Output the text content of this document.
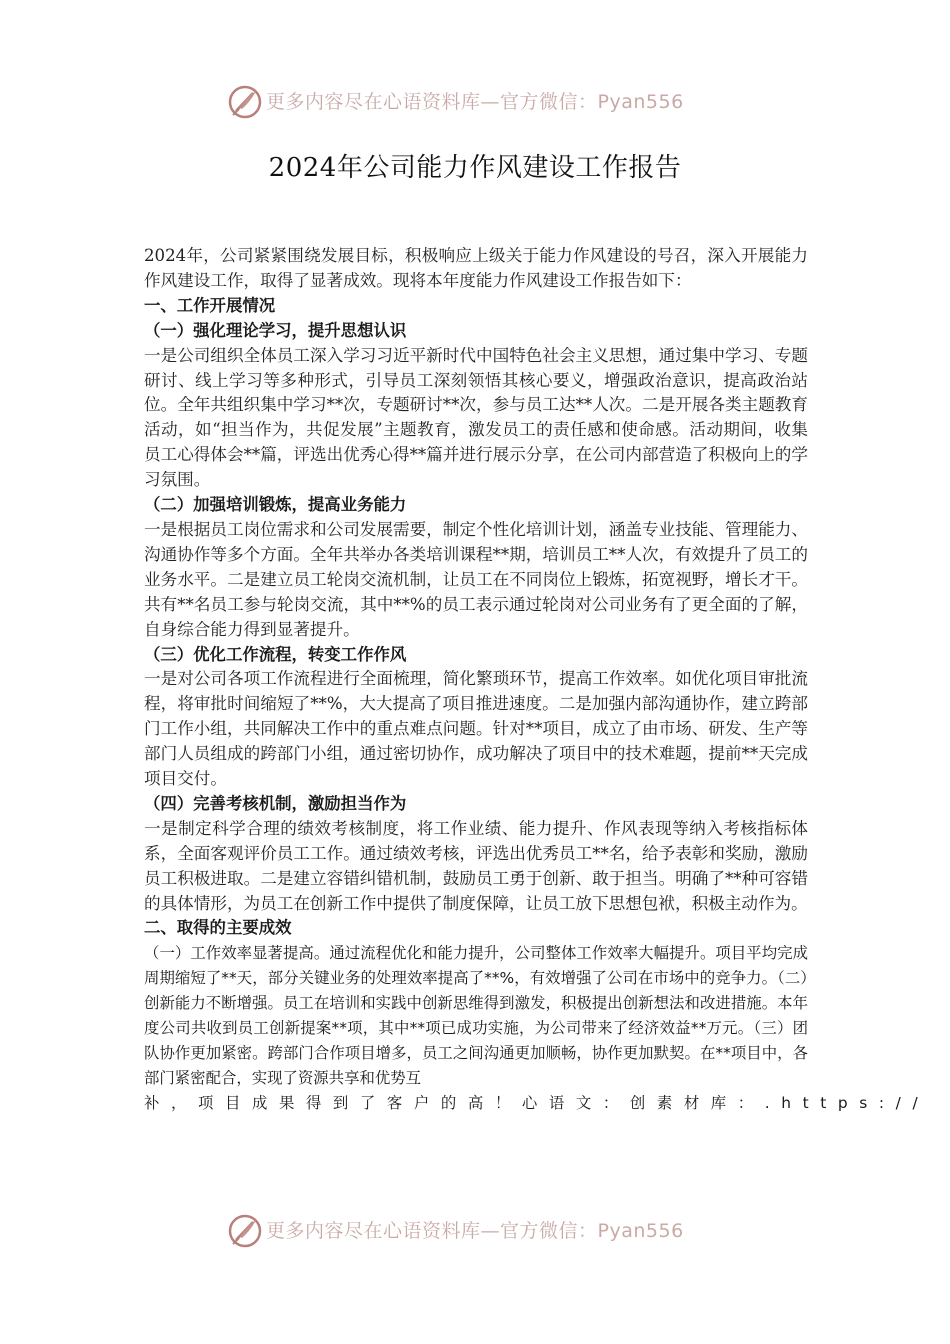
更多内容尽在心语资料库—官方微信：Pyan556
2024年公司能力作风建设工作报告
2024年，公司紧紧围绕发展目标，积极响应上级关于能力作风建设的号召，深入开展能力作风建设工作，取得了显著成效。现将本年度能力作风建设工作报告如下：
一、工作开展情况
（一）强化理论学习，提升思想认识
一是公司组织全体员工深入学习习近平新时代中国特色社会主义思想，通过集中学习、专题研讨、线上学习等多种形式，引导员工深刻领悟其核心要义，增强政治意识，提高政治站位。全年共组织集中学习**次，专题研讨**次，参与员工达**人次。二是开展各类主题教育活动，如“担当作为，共促发展”主题教育，激发员工的责任感和使命感。活动期间，收集员工心得体会**篇，评选出优秀心得**篇并进行展示分享，在公司内部营造了积极向上的学习氛围。
（二）加强培训锻炼，提高业务能力
一是根据员工岗位需求和公司发展需要，制定个性化培训计划，涵盖专业技能、管理能力、沟通协作等多个方面。全年共举办各类培训课程**期，培训员工**人次，有效提升了员工的业务水平。二是建立员工轮岗交流机制，让员工在不同岗位上锻炼，拓宽视野，增长才干。共有**名员工参与轮岗交流，其中**%的员工表示通过轮岗对公司业务有了更全面的了解，自身综合能力得到显著提升。
（三）优化工作流程，转变工作作风
一是对公司各项工作流程进行全面梳理，简化繁琐环节，提高工作效率。如优化项目审批流程，将审批时间缩短了**%，大大提高了项目推进速度。二是加强内部沟通协作，建立跨部门工作小组，共同解决工作中的重点难点问题。针对**项目，成立了由市场、研发、生产等部门人员组成的跨部门小组，通过密切协作，成功解决了项目中的技术难题，提前**天完成项目交付。
（四）完善考核机制，激励担当作为
一是制定科学合理的绩效考核制度，将工作业绩、能力提升、作风表现等纳入考核指标体系，全面客观评价员工工作。通过绩效考核，评选出优秀员工**名，给予表彰和奖励，激励员工积极进取。二是建立容错纠错机制，鼓励员工勇于创新、敢于担当。明确了**种可容错的具体情形，为员工在创新工作中提供了制度保障，让员工放下思想包袱，积极主动作为。
二、取得的主要成效
（一）工作效率显著提高。通过流程优化和能力提升，公司整体工作效率大幅提升。项目平均完成周期缩短了**天，部分关键业务的处理效率提高了**%，有效增强了公司在市场中的竞争力。（二）创新能力不断增强。员工在培训和实践中创新思维得到激发，积极提出创新想法和改进措施。本年度公司共收到员工创新提案**项，其中**项已成功实施，为公司带来了经济效益**万元。（三）团队协作更加紧密。跨部门合作项目增多，员工之间沟通更加顺畅，协作更加默契。在**项目中，各部门紧密配合，实现了资源共享和优势互
补，项目成果得到了客户的高！心语文：创素材库：.https://
更多内容尽在心语资料库—官方微信：Pyan556
